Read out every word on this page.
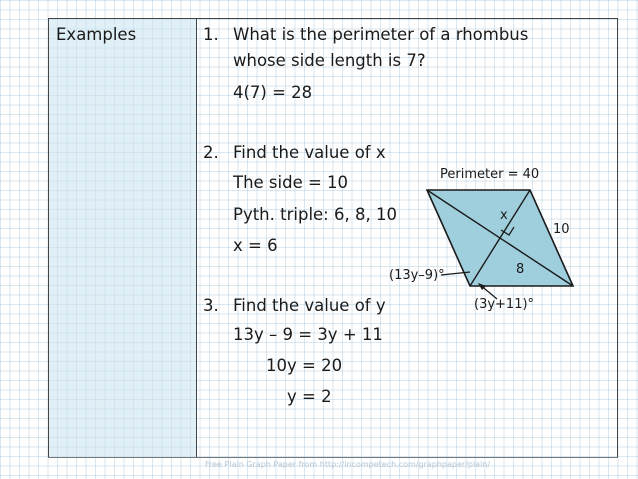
Examples	1. What is the perimeter of a rhombus
whose side length is 7?
4(7) = 28
2. Find the value of x
The side = 10
Pyth. triple: 6, 8, 10
x = 6
3. Find the value of y
13y – 9 = 3y + 11
10y = 20
y = 2
Perimeter = 40
10
x
8
(13y–9)°
(3y+11)°
Free Plain Graph Paper from http://incompetech.com/graphpaper/plain/
